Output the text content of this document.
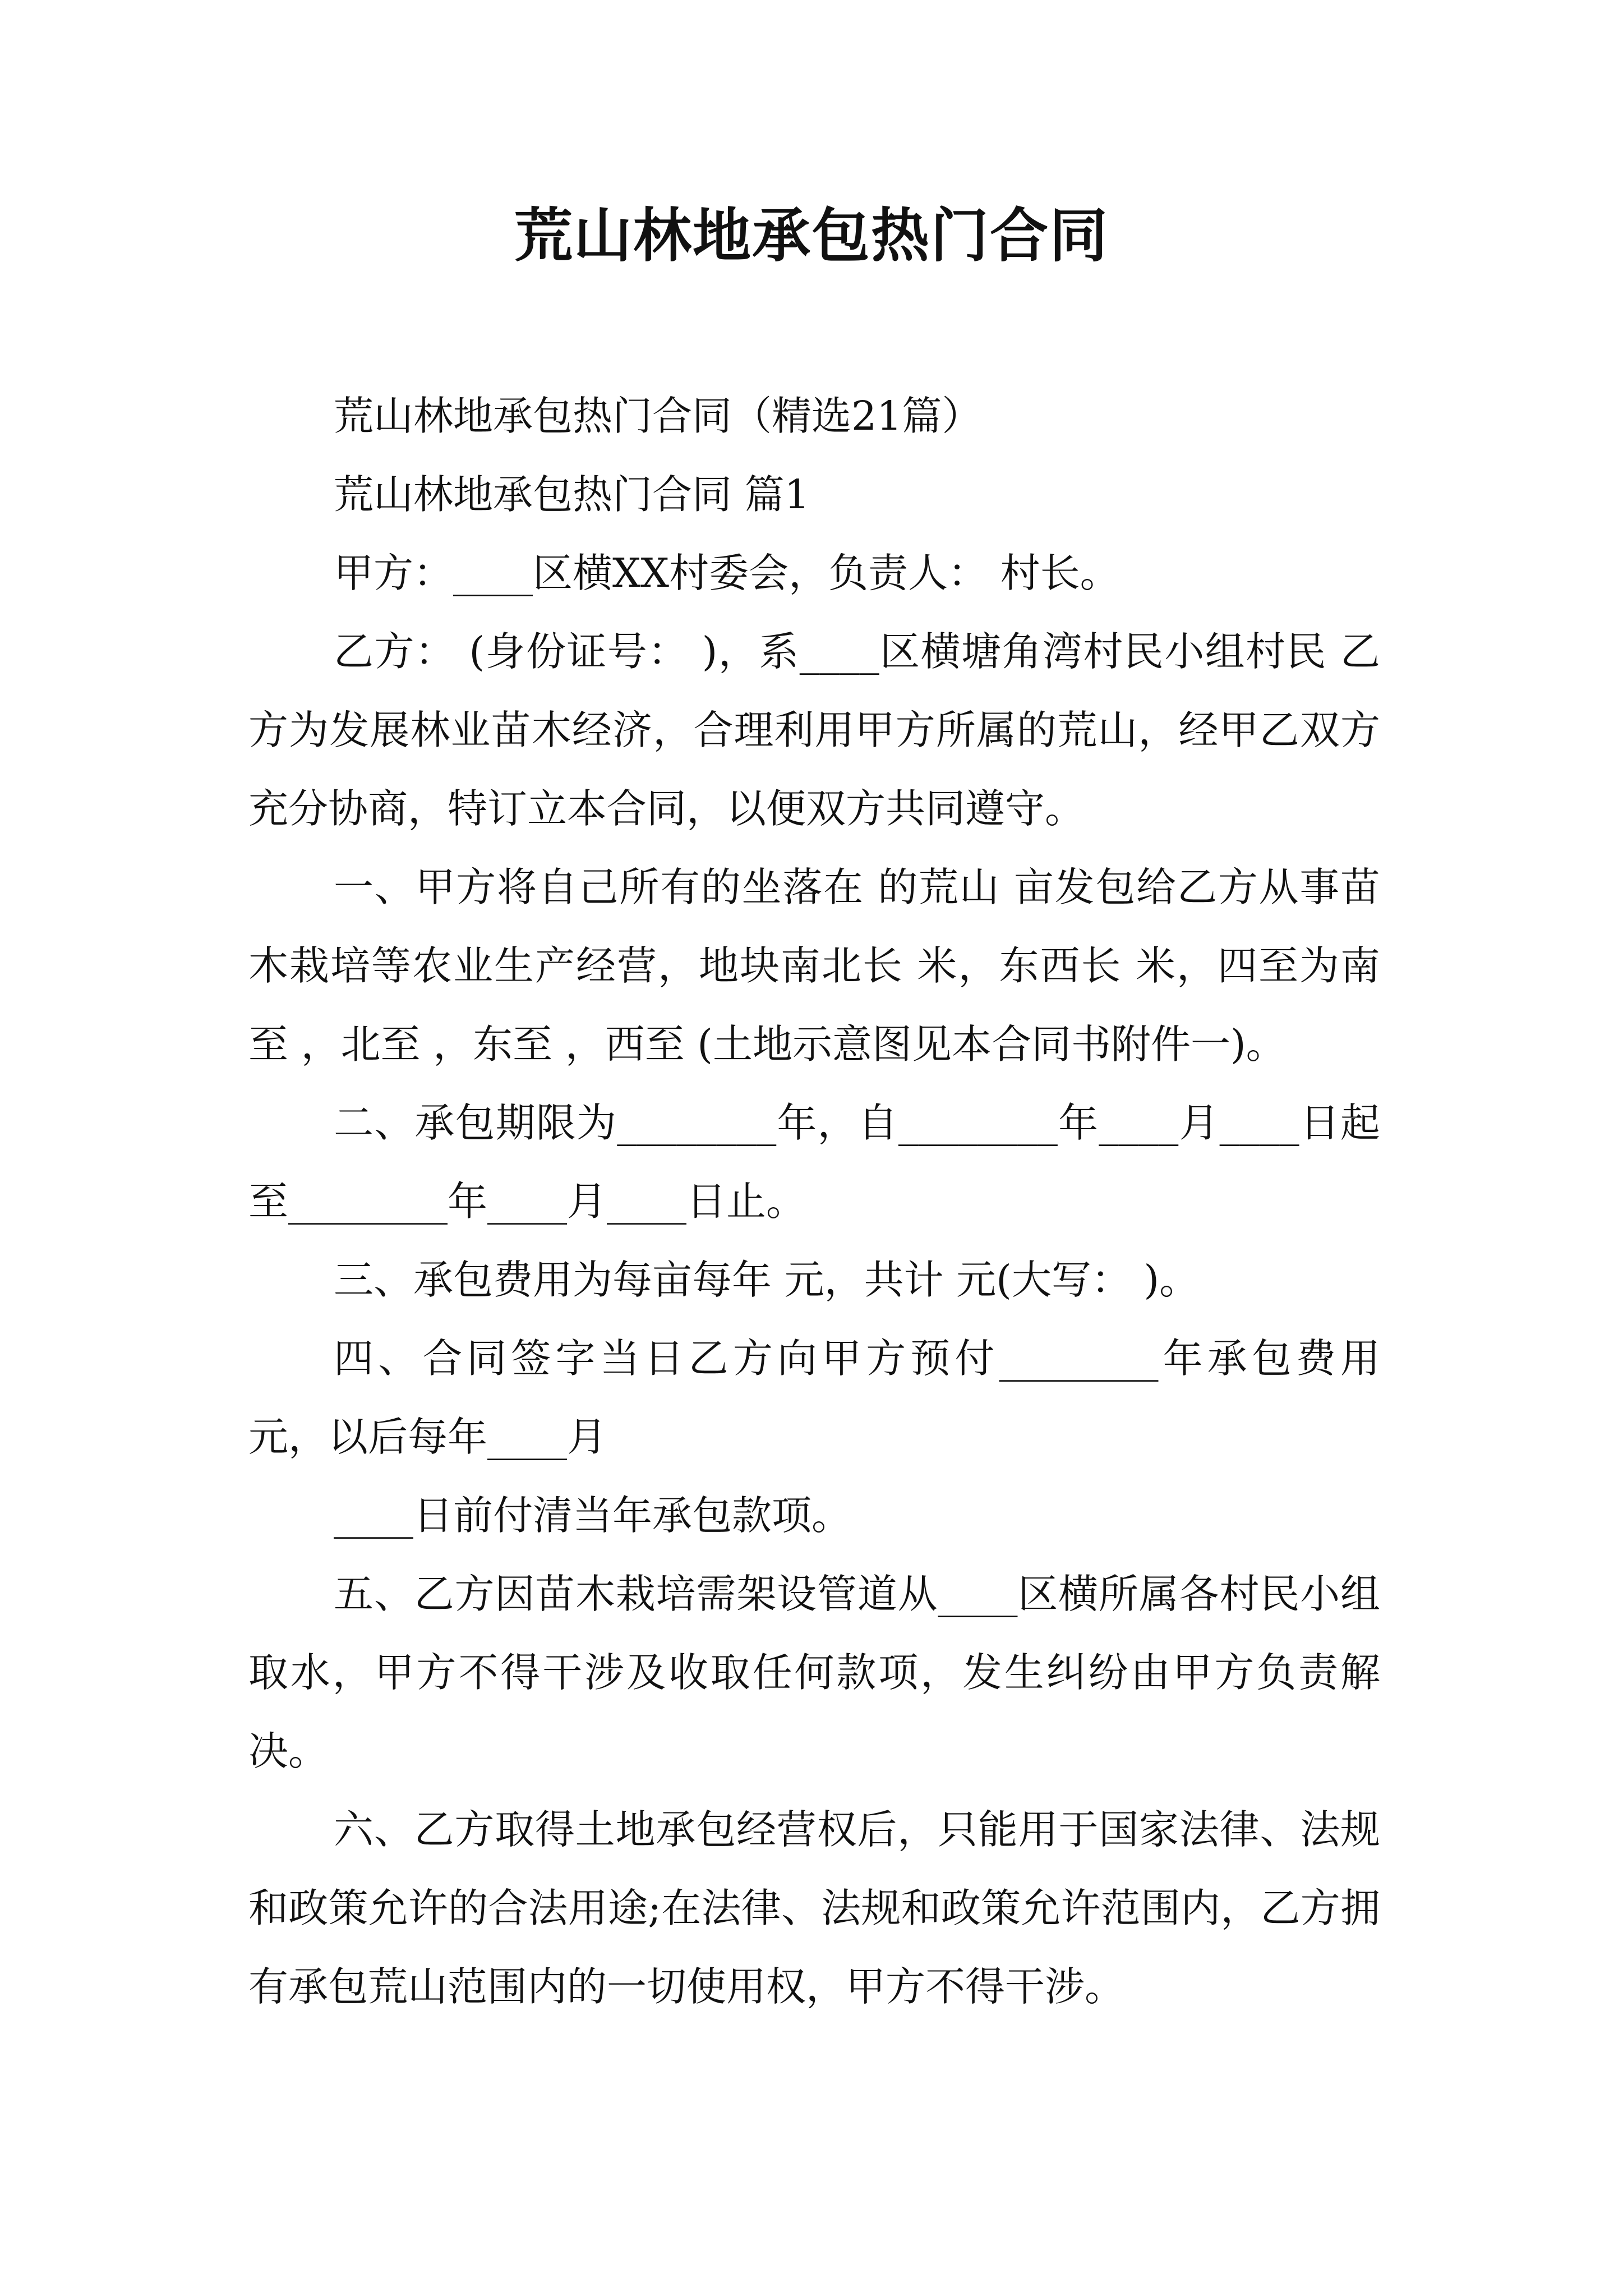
荒山林地承包热门合同

荒山林地承包热门合同（精选21篇）

荒山林地承包热门合同 篇1

甲方：____区横XX村委会，负责人： 村长。

乙方： (身份证号： )，系____区横塘角湾村民小组村民 乙方为发展林业苗木经济，合理利用甲方所属的荒山，经甲乙双方充分协商，特订立本合同，以便双方共同遵守。

一、甲方将自己所有的坐落在 的荒山 亩发包给乙方从事苗木栽培等农业生产经营，地块南北长 米，东西长 米，四至为南至 ，北至 ，东至 ，西至 (土地示意图见本合同书附件一)。

二、承包期限为________年，自________年____月____日起至________年____月____日止。

三、承包费用为每亩每年 元，共计 元(大写： )。

四、合同签字当日乙方向甲方预付________年承包费用 元，以后每年____月

____日前付清当年承包款项。

五、乙方因苗木栽培需架设管道从____区横所属各村民小组取水，甲方不得干涉及收取任何款项，发生纠纷由甲方负责解决。

六、乙方取得土地承包经营权后，只能用于国家法律、法规和政策允许的合法用途;在法律、法规和政策允许范围内，乙方拥有承包荒山范围内的一切使用权，甲方不得干涉。
